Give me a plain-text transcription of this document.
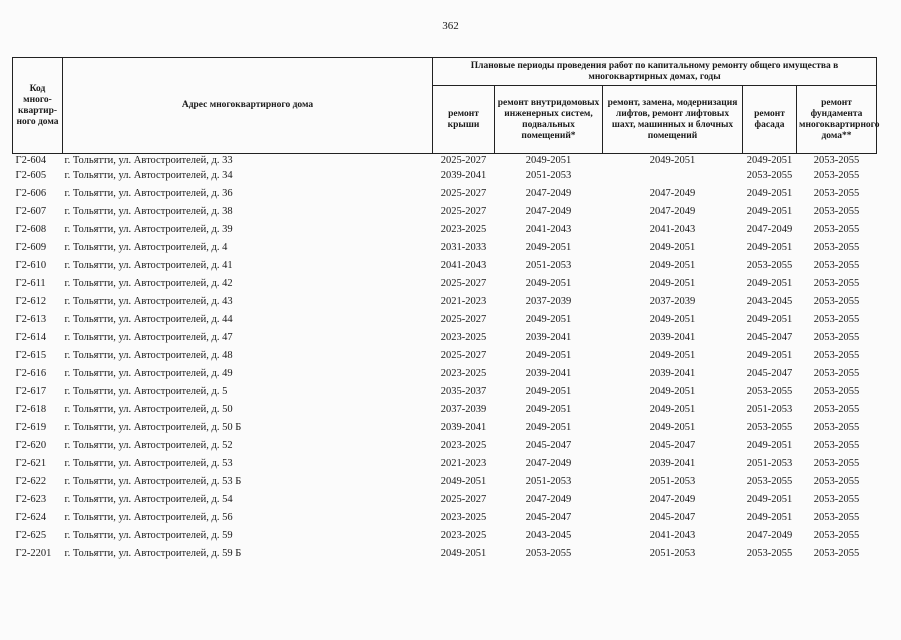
362
Код много-квартир-ного дома	Адрес многоквартирного дома	Плановые периоды проведения работ по капитальному ремонту общего имущества в многоквартирных домах, годы				
		ремонт крыши	ремонт внутридомовых инженерных систем, подвальных помещений*	ремонт, замена, модернизация лифтов, ремонт лифтовых шахт, машинных и блочных помещений	ремонт фасада	ремонт фундамента многоквартирного дома**
Г2-604	г. Тольятти, ул. Автостроителей, д. 33	2025-2027	2049-2051	2049-2051	2049-2051	2053-2055
Г2-605	г. Тольятти, ул. Автостроителей, д. 34	2039-2041	2051-2053		2053-2055	2053-2055
Г2-606	г. Тольятти, ул. Автостроителей, д. 36	2025-2027	2047-2049	2047-2049	2049-2051	2053-2055
Г2-607	г. Тольятти, ул. Автостроителей, д. 38	2025-2027	2047-2049	2047-2049	2049-2051	2053-2055
Г2-608	г. Тольятти, ул. Автостроителей, д. 39	2023-2025	2041-2043	2041-2043	2047-2049	2053-2055
Г2-609	г. Тольятти, ул. Автостроителей, д. 4	2031-2033	2049-2051	2049-2051	2049-2051	2053-2055
Г2-610	г. Тольятти, ул. Автостроителей, д. 41	2041-2043	2051-2053	2049-2051	2053-2055	2053-2055
Г2-611	г. Тольятти, ул. Автостроителей, д. 42	2025-2027	2049-2051	2049-2051	2049-2051	2053-2055
Г2-612	г. Тольятти, ул. Автостроителей, д. 43	2021-2023	2037-2039	2037-2039	2043-2045	2053-2055
Г2-613	г. Тольятти, ул. Автостроителей, д. 44	2025-2027	2049-2051	2049-2051	2049-2051	2053-2055
Г2-614	г. Тольятти, ул. Автостроителей, д. 47	2023-2025	2039-2041	2039-2041	2045-2047	2053-2055
Г2-615	г. Тольятти, ул. Автостроителей, д. 48	2025-2027	2049-2051	2049-2051	2049-2051	2053-2055
Г2-616	г. Тольятти, ул. Автостроителей, д. 49	2023-2025	2039-2041	2039-2041	2045-2047	2053-2055
Г2-617	г. Тольятти, ул. Автостроителей, д. 5	2035-2037	2049-2051	2049-2051	2053-2055	2053-2055
Г2-618	г. Тольятти, ул. Автостроителей, д. 50	2037-2039	2049-2051	2049-2051	2051-2053	2053-2055
Г2-619	г. Тольятти, ул. Автостроителей, д. 50 Б	2039-2041	2049-2051	2049-2051	2053-2055	2053-2055
Г2-620	г. Тольятти, ул. Автостроителей, д. 52	2023-2025	2045-2047	2045-2047	2049-2051	2053-2055
Г2-621	г. Тольятти, ул. Автостроителей, д. 53	2021-2023	2047-2049	2039-2041	2051-2053	2053-2055
Г2-622	г. Тольятти, ул. Автостроителей, д. 53 Б	2049-2051	2051-2053	2051-2053	2053-2055	2053-2055
Г2-623	г. Тольятти, ул. Автостроителей, д. 54	2025-2027	2047-2049	2047-2049	2049-2051	2053-2055
Г2-624	г. Тольятти, ул. Автостроителей, д. 56	2023-2025	2045-2047	2045-2047	2049-2051	2053-2055
Г2-625	г. Тольятти, ул. Автостроителей, д. 59	2023-2025	2043-2045	2041-2043	2047-2049	2053-2055
Г2-2201	г. Тольятти, ул. Автостроителей, д. 59 Б	2049-2051	2053-2055	2051-2053	2053-2055	2053-2055
